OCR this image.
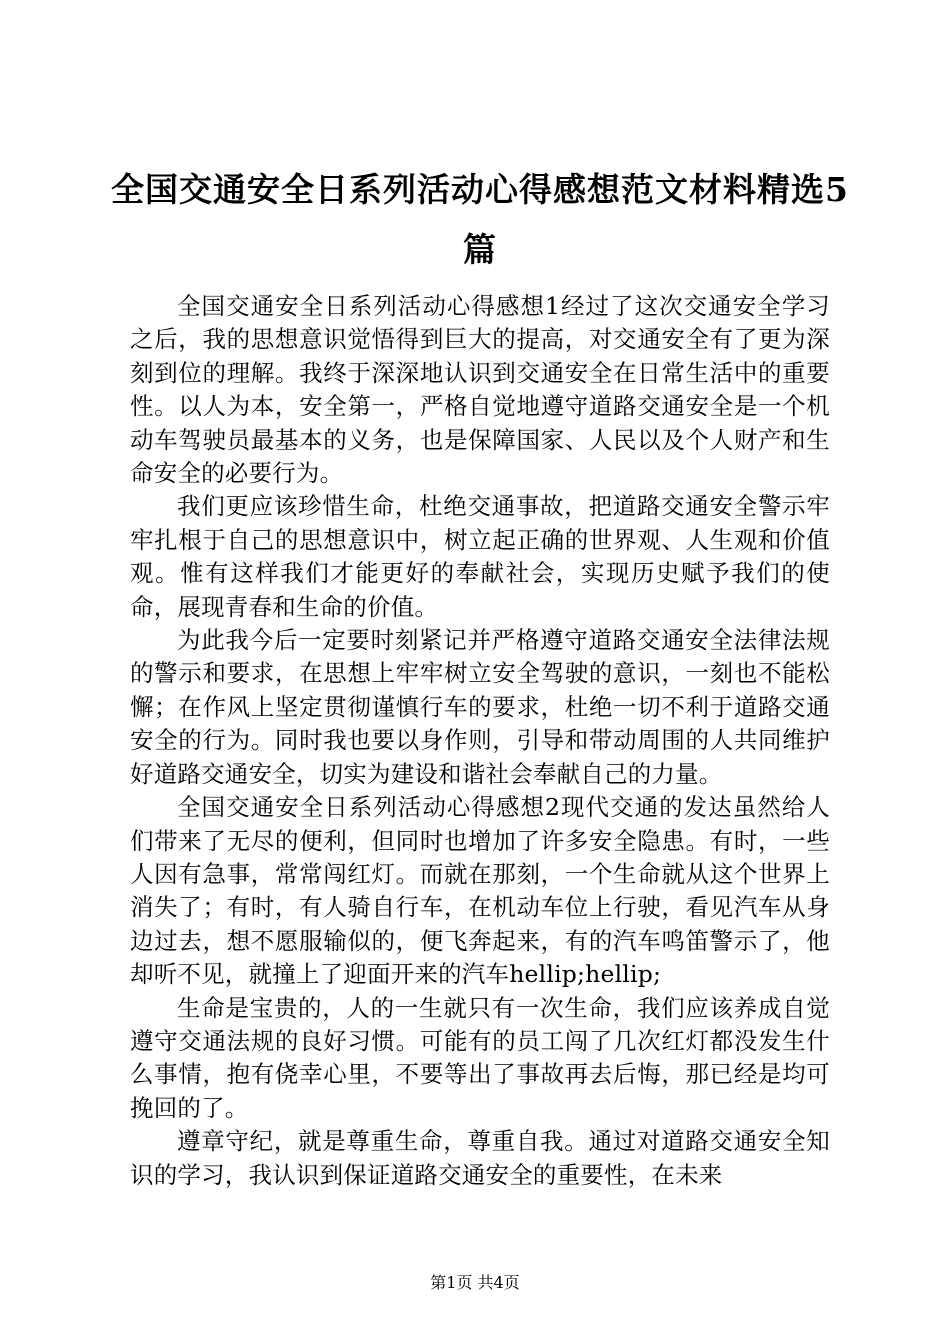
全国交通安全日系列活动心得感想范文材料精选5篇

全国交通安全日系列活动心得感想1经过了这次交通安全学习之后，我的思想意识觉悟得到巨大的提高，对交通安全有了更为深刻到位的理解。我终于深深地认识到交通安全在日常生活中的重要性。以人为本，安全第一，严格自觉地遵守道路交通安全是一个机动车驾驶员最基本的义务，也是保障国家、人民以及个人财产和生命安全的必要行为。

我们更应该珍惜生命，杜绝交通事故，把道路交通安全警示牢牢扎根于自己的思想意识中，树立起正确的世界观、人生观和价值观。惟有这样我们才能更好的奉献社会，实现历史赋予我们的使命，展现青春和生命的价值。

为此我今后一定要时刻紧记并严格遵守道路交通安全法律法规的警示和要求，在思想上牢牢树立安全驾驶的意识，一刻也不能松懈；在作风上坚定贯彻谨慎行车的要求，杜绝一切不利于道路交通安全的行为。同时我也要以身作则，引导和带动周围的人共同维护好道路交通安全，切实为建设和谐社会奉献自己的力量。

全国交通安全日系列活动心得感想2现代交通的发达虽然给人们带来了无尽的便利，但同时也增加了许多安全隐患。有时，一些人因有急事，常常闯红灯。而就在那刻，一个生命就从这个世界上消失了；有时，有人骑自行车，在机动车位上行驶，看见汽车从身边过去，想不愿服输似的，便飞奔起来，有的汽车鸣笛警示了，他却听不见，就撞上了迎面开来的汽车hellip;hellip;

生命是宝贵的，人的一生就只有一次生命，我们应该养成自觉遵守交通法规的良好习惯。可能有的员工闯了几次红灯都没发生什么事情，抱有侥幸心里，不要等出了事故再去后悔，那已经是均可挽回的了。

遵章守纪，就是尊重生命，尊重自我。通过对道路交通安全知识的学习，我认识到保证道路交通安全的重要性，在未来

第1页 共4页
